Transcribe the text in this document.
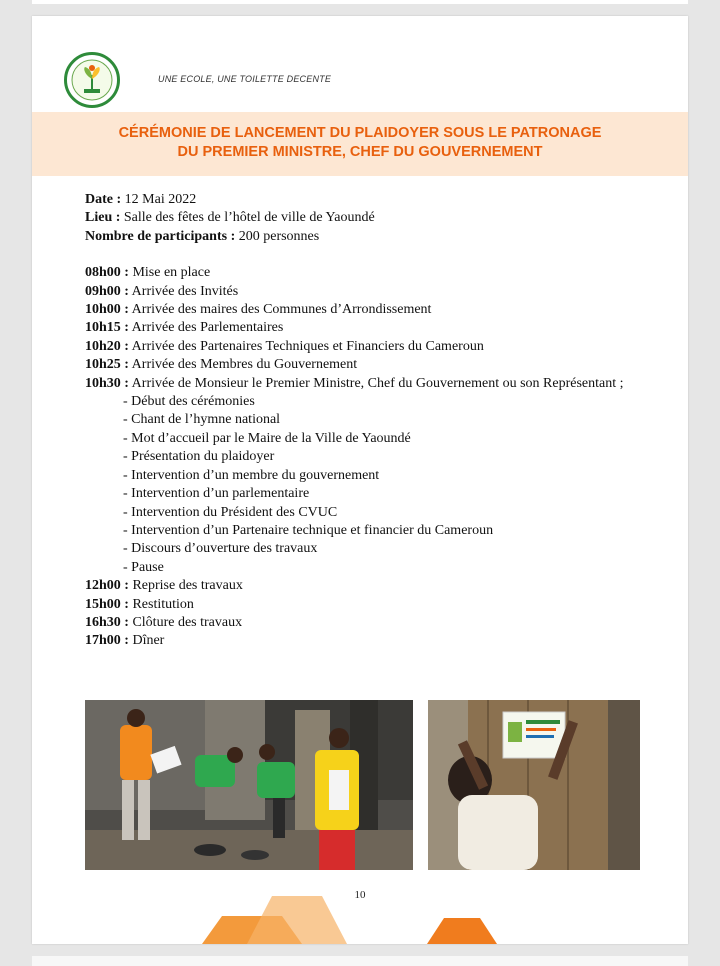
UNE ECOLE, UNE TOILETTE DECENTE
CÉRÉMONIE DE LANCEMENT DU PLAIDOYER SOUS LE PATRONAGE
DU PREMIER MINISTRE, CHEF DU GOUVERNEMENT

Date : 12 Mai 2022

Lieu : Salle des fêtes de l’hôtel de ville de Yaoundé

Nombre de participants : 200 personnes

08h00 : Mise en place

09h00 : Arrivée des Invités

10h00 : Arrivée des maires des Communes d’Arrondissement

10h15 : Arrivée des Parlementaires

10h20 : Arrivée des Partenaires Techniques et Financiers du Cameroun

10h25 : Arrivée des Membres du Gouvernement

10h30 : Arrivée de Monsieur le Premier Ministre, Chef du Gouvernement ou son Représentant ;

- Début des cérémonies

- Chant de l’hymne national

- Mot d’accueil par le Maire de la Ville de Yaoundé

- Présentation du plaidoyer

- Intervention d’un membre du gouvernement

- Intervention d’un parlementaire

- Intervention du Président des CVUC

- Intervention d’un Partenaire technique et financier du Cameroun

- Discours d’ouverture des travaux

- Pause

12h00 : Reprise des travaux

15h00 : Restitution

16h30 : Clôture des travaux

17h00 : Dîner

10
